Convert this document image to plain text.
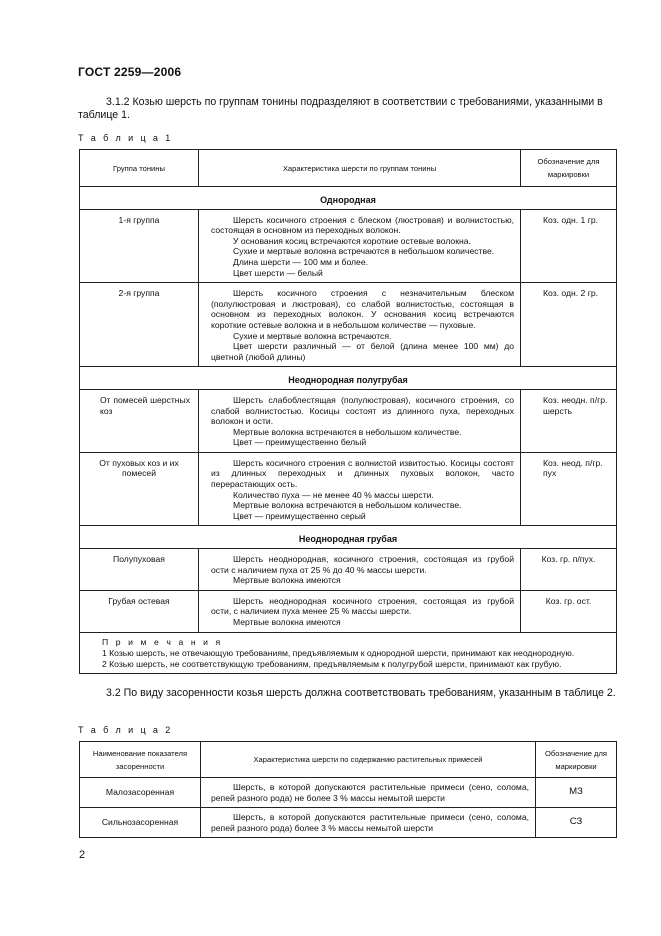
ГОСТ 2259—2006
3.1.2 Козью шерсть по группам тонины подразделяют в соответствии с требованиями, указанными в таблице 1.
Т а б л и ц а 1
Группа тонины	Характеристика шерсти по группам тонины	Обозначение для маркировки
Однородная		
1-я группа	Шерсть косичного строения с блеском (люстровая) и волнистостью, состоящая в основном из переходных волокон.

У основания косиц встречаются короткие остевые волокна.

Сухие и мертвые волокна встречаются в небольшом количестве.

Длина шерсти — 100 мм и более.

Цвет шерсти — белый	Коз. одн. 1 гр.
2-я группа	Шерсть косичного строения с незначительным блеском (полулюстровая и люстровая), со слабой волнистостью, состоящая в основном из переходных волокон. У основания косиц встречаются короткие остевые волокна и в небольшом количестве — пуховые.

Сухие и мертвые волокна встречаются.

Цвет шерсти различный — от белой (длина менее 100 мм) до цветной (любой длины)	Коз. одн. 2 гр.
Неоднородная полугрубая		
От помесей шерстных коз	Шерсть слабоблестящая (полулюстровая), косичного строения, со слабой волнистостью. Косицы состоят из длинного пуха, переходных волокон и ости.

Мертвые волокна встречаются в небольшом количестве.

Цвет — преимущественно белый	Коз. неодн. п/гр. шерсть
От пуховых коз и их помесей	Шерсть косичного строения с волнистой извитостью. Косицы состоят из длинных переходных и длинных пуховых волокон, часто перерастающих ость.

Количество пуха — не менее 40 % массы шерсти.

Мертвые волокна встречаются в небольшом количестве.

Цвет — преимущественно серый	Коз. неод. п/гр. пух
Неоднородная грубая		
Полупуховая	Шерсть неоднородная, косичного строения, состоящая из грубой ости с наличием пуха от 25 % до 40 % массы шерсти.

Мертвые волокна имеются	Коз. гр. п/пух.
Грубая остевая	Шерсть неоднородная косичного строения, состоящая из грубой ости, с наличием пуха менее 25 % массы шерсти.

Мертвые волокна имеются	Коз. гр. ост.

П р и м е ч а н и я

1 Козью шерсть, не отвечающую требованиям, предъявляемым к однородной шерсти, принимают как неоднородную.

2 Козью шерсть, не соответствующую требованиям, предъявляемым к полугрубой шерсти, принимают как грубую.		

3.2 По виду засоренности козья шерсть должна соответствовать требованиям, указанным в таблице 2.
Т а б л и ц а 2
Наименование показателя засоренности	Характеристика шерсти по содержанию растительных примесей	Обозначение для маркировки
Малозасоренная	Шерсть, в которой допускаются растительные примеси (сено, солома, репей разного рода) не более 3 % массы немытой шерсти	МЗ
Сильнозасоренная	Шерсть, в которой допускаются растительные примеси (сено, солома, репей разного рода) более 3 % массы немытой шерсти	СЗ
2
